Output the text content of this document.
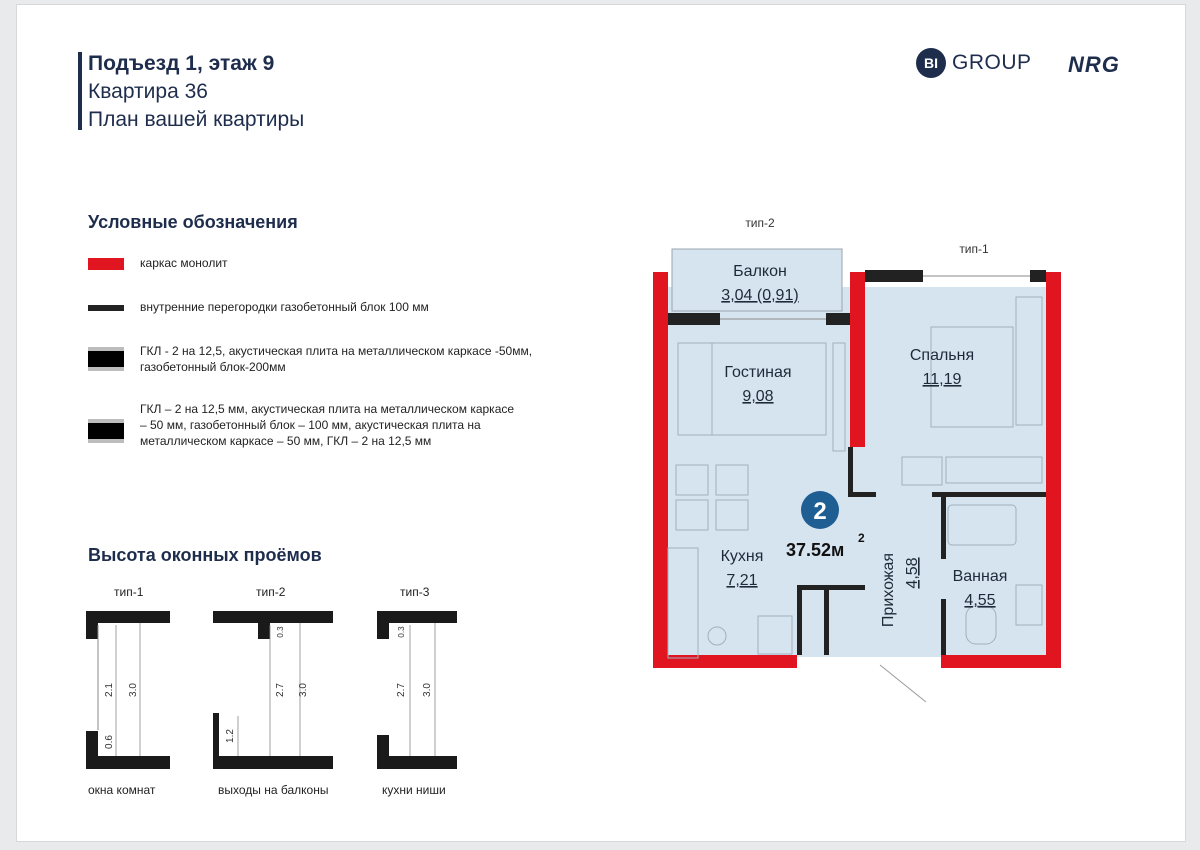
Подъезд 1, этаж 9
Квартира 36
План вашей квартиры
BI GROUP NRG
Условные обозначения
каркас монолит
внутренние перегородки газобетонный блок 100 мм
ГКЛ - 2 на 12,5, акустическая плита на металлическом каркасе -50мм, газобетонный блок-200мм
ГКЛ – 2 на 12,5 мм, акустическая плита на металлическом каркасе – 50 мм, газобетонный блок – 100 мм, акустическая плита на металлическом каркасе – 50 мм, ГКЛ – 2 на 12,5 мм
Высота оконных проёмов
тип-1	тип-2	тип-3
2.1
0.6
3.0
0.3
2.7
1.2
3.0
0.3
2.7 3.0
окна комнат	выходы на балконы	кухни ниши
тип-2
тип-1
Балкон
3,04 (0,91)
Гостиная
9,08
Спальня
11,19
Кухня
7,21	Прихожая 4,58 Ванная
4,55
2
37.52м
2
